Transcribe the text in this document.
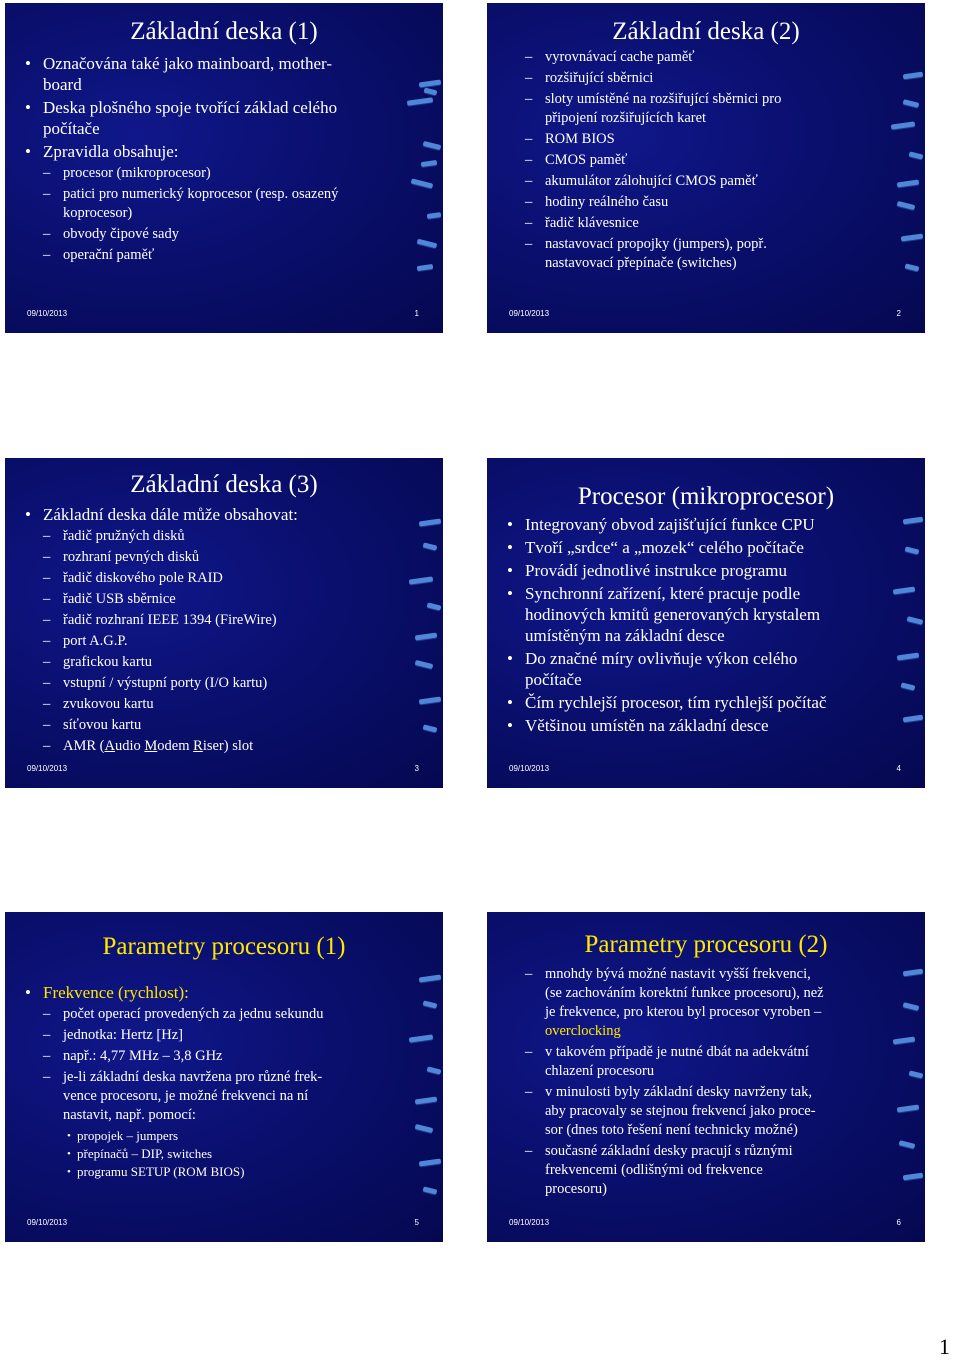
Základní deska (1)
• Označována také jako mainboard, mother-
board
• Deska plošného spoje tvořící základ celého
počítače
• Zpravidla obsahuje:
– procesor (mikroprocesor)
– patici pro numerický koprocesor (resp. osazený
koprocesor)
– obvody čipové sady
– operační paměť
09/10/2013	1
Základní deska (2)
– vyrovnávací cache paměť
– rozšiřující sběrnici
– sloty umístěné na rozšiřující sběrnici pro
připojení rozšiřujících karet
– ROM BIOS
– CMOS paměť
– akumulátor zálohující CMOS paměť
– hodiny reálného času
– řadič klávesnice
– nastavovací propojky (jumpers), popř.
nastavovací přepínače (switches)
09/10/2013	2
Základní deska (3)
• Základní deska dále může obsahovat:
– řadič pružných disků
– rozhraní pevných disků
– řadič diskového pole RAID
– řadič USB sběrnice
– řadič rozhraní IEEE 1394 (FireWire)
– port A.G.P.
– grafickou kartu
– vstupní / výstupní porty (I/O kartu)
– zvukovou kartu
– síťovou kartu
– AMR (Audio Modem Riser) slot
09/10/2013	3
Procesor (mikroprocesor)
• Integrovaný obvod zajišťující funkce CPU
• Tvoří „srdce“ a „mozek“ celého počítače
• Provádí jednotlivé instrukce programu
• Synchronní zařízení, které pracuje podle
hodinových kmitů generovaných krystalem
umístěným na základní desce
• Do značné míry ovlivňuje výkon celého
počítače
• Čím rychlejší procesor, tím rychlejší počítač
• Většinou umístěn na základní desce
09/10/2013	4
Parametry procesoru (1)
• Frekvence (rychlost):
– počet operací provedených za jednu sekundu
– jednotka: Hertz [Hz]
– např.: 4,77 MHz – 3,8 GHz
– je-li základní deska navržena pro různé frek-
vence procesoru, je možné frekvenci na ní
nastavit, např. pomocí:
• propojek – jumpers
• přepínačů – DIP, switches
• programu SETUP (ROM BIOS)
09/10/2013	5
Parametry procesoru (2)
– mnohdy bývá možné nastavit vyšší frekvenci,
(se zachováním korektní funkce procesoru), než
je frekvence, pro kterou byl procesor vyroben –
overclocking
– v takovém případě je nutné dbát na adekvátní
chlazení procesoru
– v minulosti byly základní desky navrženy tak,
aby pracovaly se stejnou frekvencí jako proce-
sor (dnes toto řešení není technicky možné)
– současné základní desky pracují s různými
frekvencemi (odlišnými od frekvence
procesoru)
09/10/2013	6
1
